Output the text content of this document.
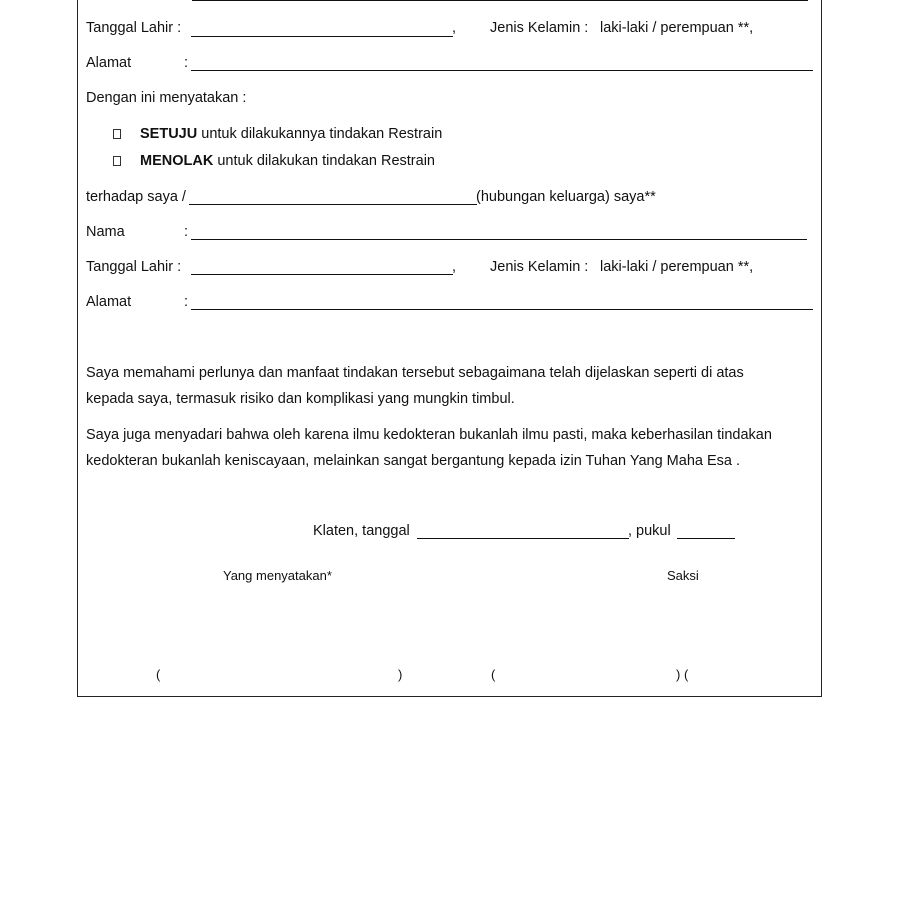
Tanggal Lahir :	, Jenis Kelamin : laki-laki / perempuan **,
Alamat	:
Dengan ini menyatakan :
SETUJU untuk dilakukannya tindakan Restrain
MENOLAK untuk dilakukan tindakan Restrain
terhadap saya /	(hubungan keluarga) saya**
Nama	:
Tanggal Lahir :	, Jenis Kelamin : laki-laki / perempuan **,
Alamat	:
Saya memahami perlunya dan manfaat tindakan tersebut sebagaimana telah dijelaskan seperti di atas
kepada saya, termasuk risiko dan komplikasi yang mungkin timbul.
Saya juga menyadari bahwa oleh karena ilmu kedokteran bukanlah ilmu pasti, maka keberhasilan tindakan
kedokteran bukanlah keniscayaan, melainkan sangat bergantung kepada izin Tuhan Yang Maha Esa .
Klaten, tanggal	, pukul
Yang menyatakan*	Saksi
(	)	(	) (
